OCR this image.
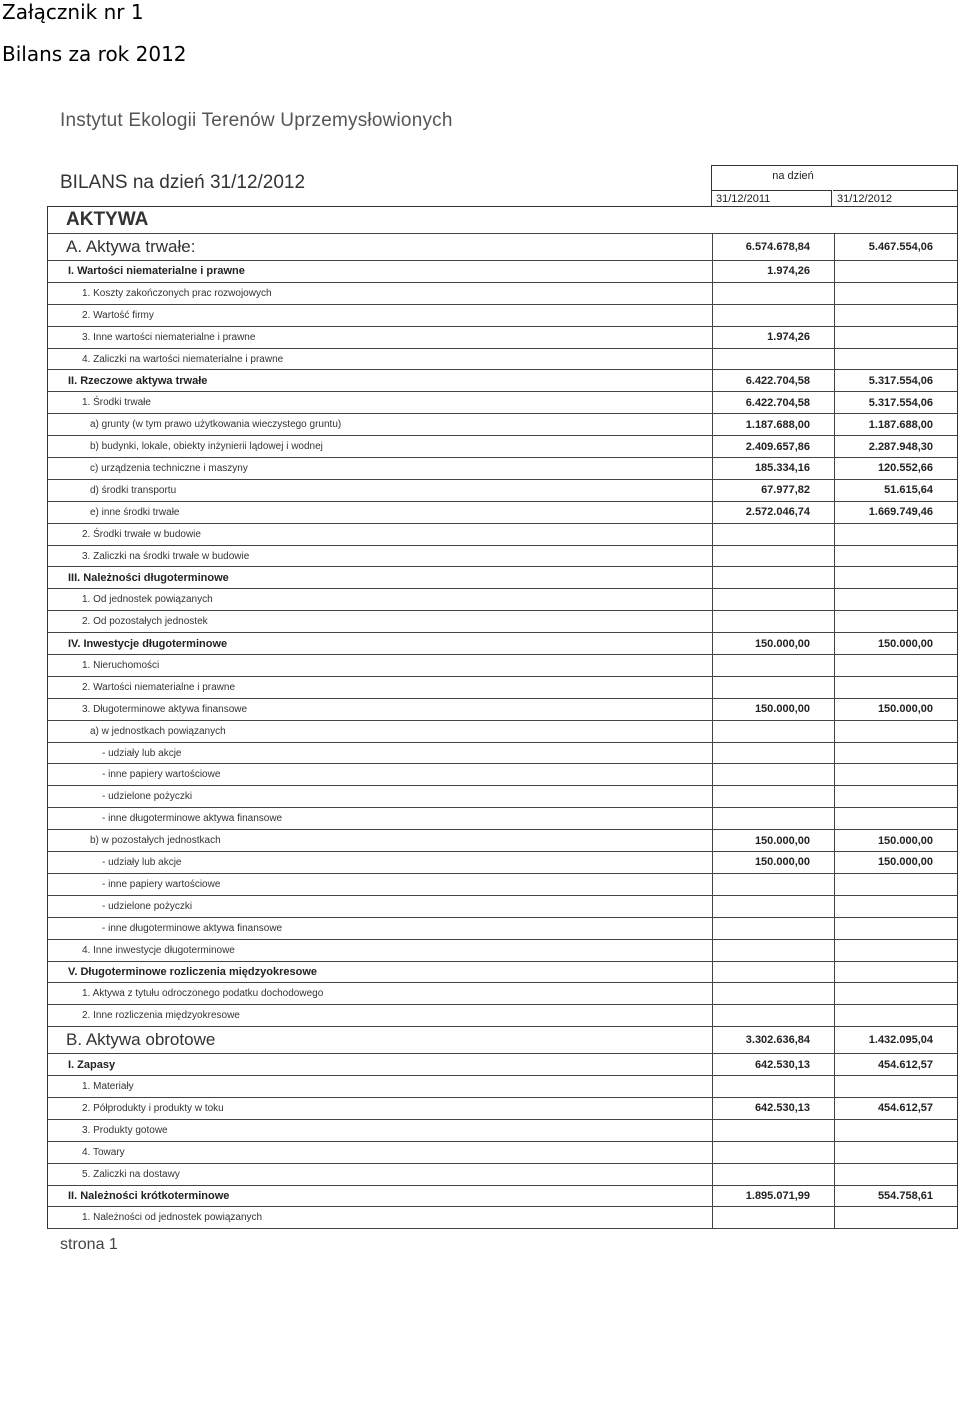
Załącznik nr 1
Bilans za rok 2012
Instytut Ekologii Terenów Uprzemysłowionych
BILANS na dzień 31/12/2012	na dzień
31/12/2011	31/12/2012
AKTYWA
A. Aktywa trwałe:	6.574.678,84	5.467.554,06
I. Wartości niematerialne i prawne	1.974,26
1. Koszty zakończonych prac rozwojowych
2. Wartość firmy
3. Inne wartości niematerialne i prawne	1.974,26
4. Zaliczki na wartości niematerialne i prawne
II. Rzeczowe aktywa trwałe	6.422.704,58	5.317.554,06
1. Środki trwałe	6.422.704,58	5.317.554,06
a) grunty (w tym prawo użytkowania wieczystego gruntu)	1.187.688,00	1.187.688,00
b) budynki, lokale, obiekty inżynierii lądowej i wodnej	2.409.657,86	2.287.948,30
c) urządzenia techniczne i maszyny	185.334,16	120.552,66
d) środki transportu	67.977,82	51.615,64
e) inne środki trwałe	2.572.046,74	1.669.749,46
2. Środki trwałe w budowie
3. Zaliczki na środki trwałe w budowie
III. Należności długoterminowe
1. Od jednostek powiązanych
2. Od pozostałych jednostek
IV. Inwestycje długoterminowe	150.000,00	150.000,00
1. Nieruchomości
2. Wartości niematerialne i prawne
3. Długoterminowe aktywa finansowe	150.000,00	150.000,00
a) w jednostkach powiązanych
- udziały lub akcje
- inne papiery wartościowe
- udzielone pożyczki
- inne długoterminowe aktywa finansowe
b) w pozostałych jednostkach	150.000,00	150.000,00
- udziały lub akcje	150.000,00	150.000,00
- inne papiery wartościowe
- udzielone pożyczki
- inne długoterminowe aktywa finansowe
4. Inne inwestycje długoterminowe
V. Długoterminowe rozliczenia międzyokresowe
1. Aktywa z tytułu odroczonego podatku dochodowego
2. Inne rozliczenia międzyokresowe
B. Aktywa obrotowe	3.302.636,84	1.432.095,04
I. Zapasy	642.530,13	454.612,57
1. Materiały
2. Półprodukty i produkty w toku	642.530,13	454.612,57
3. Produkty gotowe
4. Towary
5. Zaliczki na dostawy
II. Należności krótkoterminowe	1.895.071,99	554.758,61
1. Należności od jednostek powiązanych
strona 1
